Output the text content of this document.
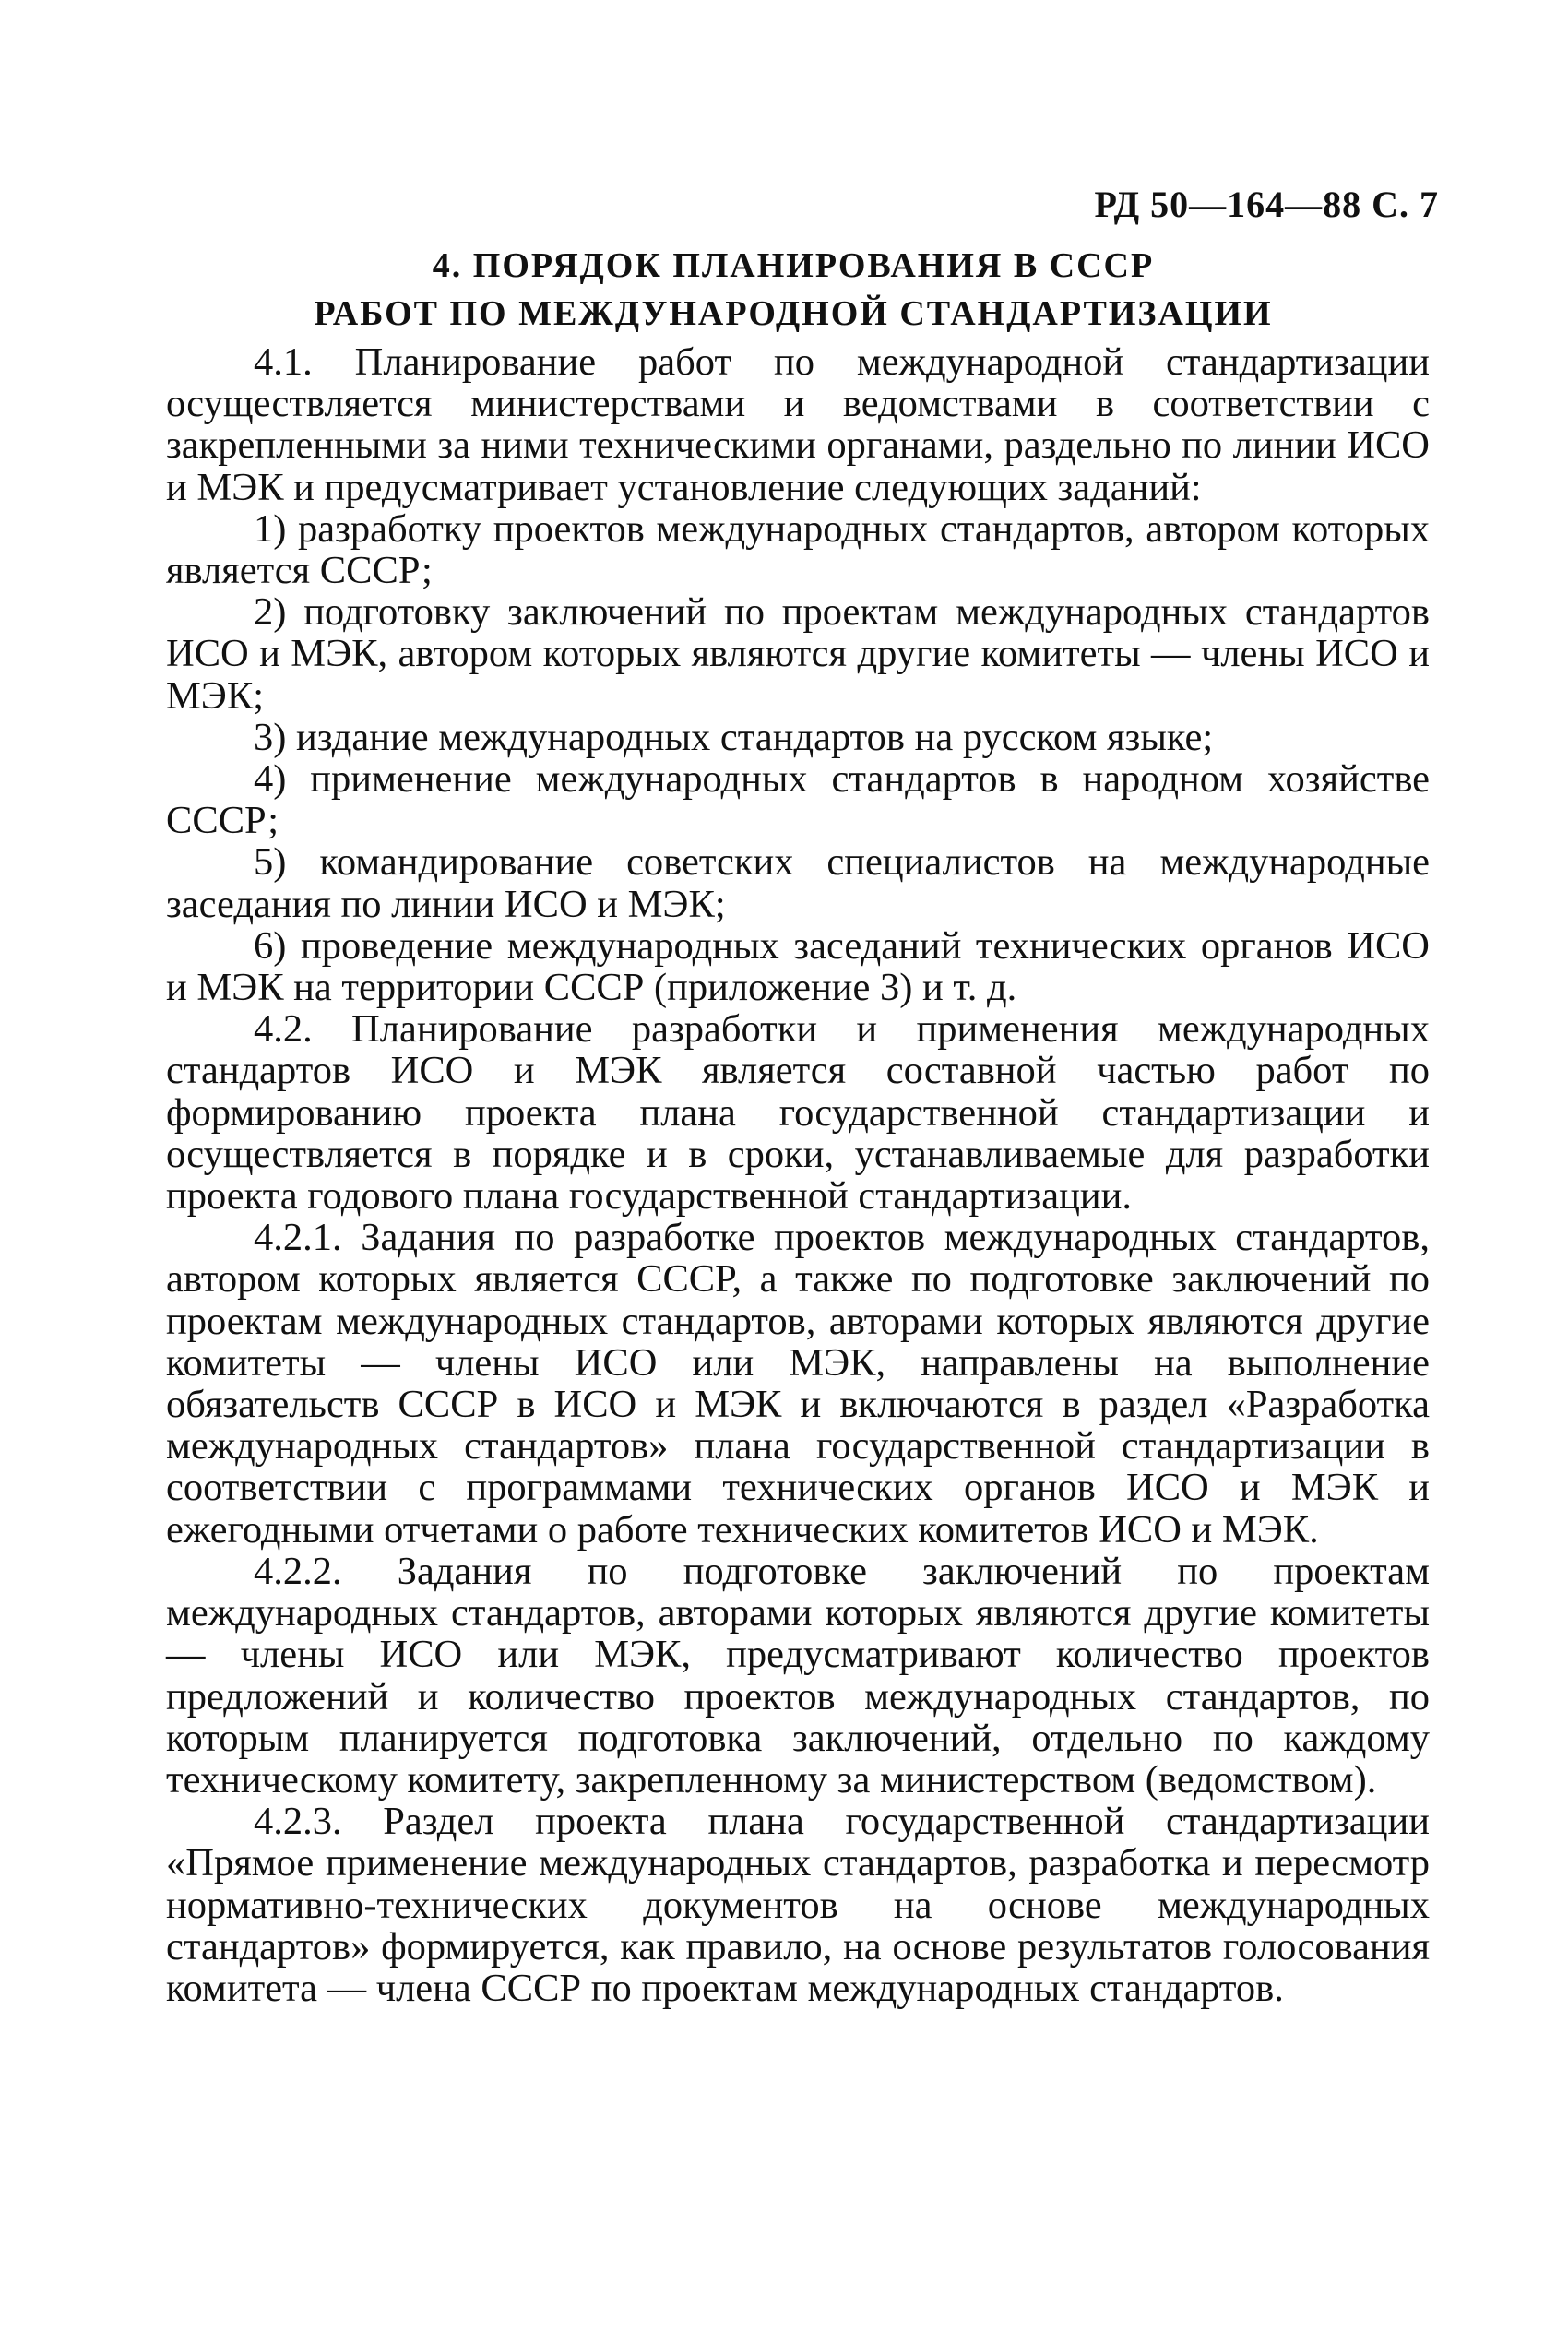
РД 50—164—88 С. 7
4. ПОРЯДОК ПЛАНИРОВАНИЯ В СССР
РАБОТ ПО МЕЖДУНАРОДНОЙ СТАНДАРТИЗАЦИИ

4.1. Планирование работ по международной стандартизации осуществляется министерствами и ведомствами в соответствии с закрепленными за ними техническими органами, раздельно по линии ИСО и МЭК и предусматривает установление следующих заданий:

1) разработку проектов международных стандартов, автором которых является СССР;

2) подготовку заключений по проектам международных стандартов ИСО и МЭК, автором которых являются другие комитеты — члены ИСО и МЭК;

3) издание международных стандартов на русском языке;

4) применение международных стандартов в народном хозяйстве СССР;

5) командирование советских специалистов на международные заседания по линии ИСО и МЭК;

6) проведение международных заседаний технических органов ИСО и МЭК на территории СССР (приложение 3) и т. д.

4.2. Планирование разработки и применения международных стандартов ИСО и МЭК является составной частью работ по формированию проекта плана государственной стандартизации и осуществляется в порядке и в сроки, устанавливаемые для разработки проекта годового плана государственной стандартизации.

4.2.1. Задания по разработке проектов международных стандартов, автором которых является СССР, а также по подготовке заключений по проектам международных стандартов, авторами которых являются другие комитеты — члены ИСО или МЭК, направлены на выполнение обязательств СССР в ИСО и МЭК и включаются в раздел «Разработка международных стандартов» плана государственной стандартизации в соответствии с программами технических органов ИСО и МЭК и ежегодными отчетами о работе технических комитетов ИСО и МЭК.

4.2.2. Задания по подготовке заключений по проектам международных стандартов, авторами которых являются другие комитеты — члены ИСО или МЭК, предусматривают количество проектов предложений и количество проектов международных стандартов, по которым планируется подготовка заключений, отдельно по каждому техническому комитету, закрепленному за министерством (ведомством).

4.2.3. Раздел проекта плана государственной стандартизации «Прямое применение международных стандартов, разработка и пересмотр нормативно-технических документов на основе международных стандартов» формируется, как правило, на основе результатов голосования комитета — члена СССР по проектам международных стандартов.
